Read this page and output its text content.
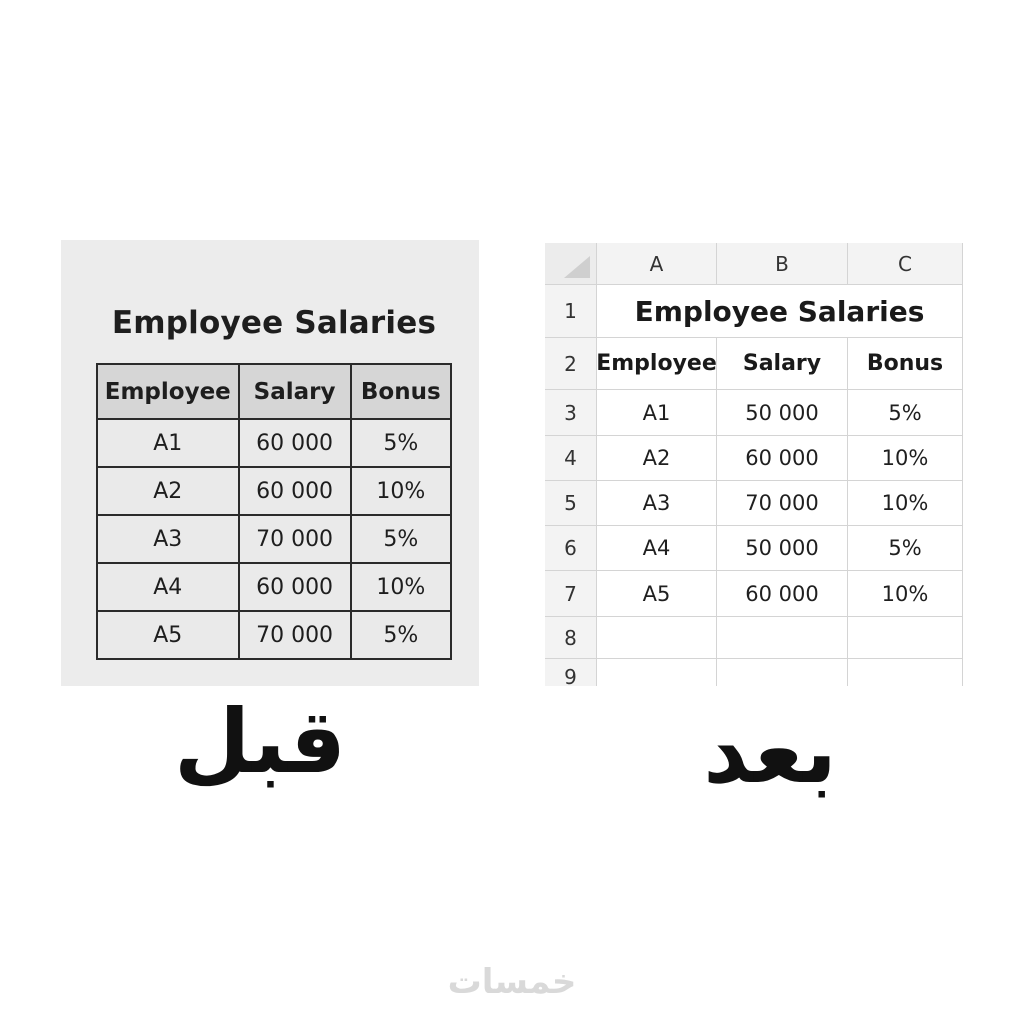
Employee Salaries
Employee	Salary	Bonus
A1	60 000	5%
A2	60 000	10%
A3	70 000	5%
A4	60 000	10%
A5	70 000	5%
قبل
A	B	C
1	Employee Salaries
2 Employee	Salary	Bonus
3	A1	50 000	5%
4	A2	60 000	10%
5	A3	70 000	10%
6	A4	50 000	5%
7	A5	60 000	10%
8
9
بعد
خمسات
